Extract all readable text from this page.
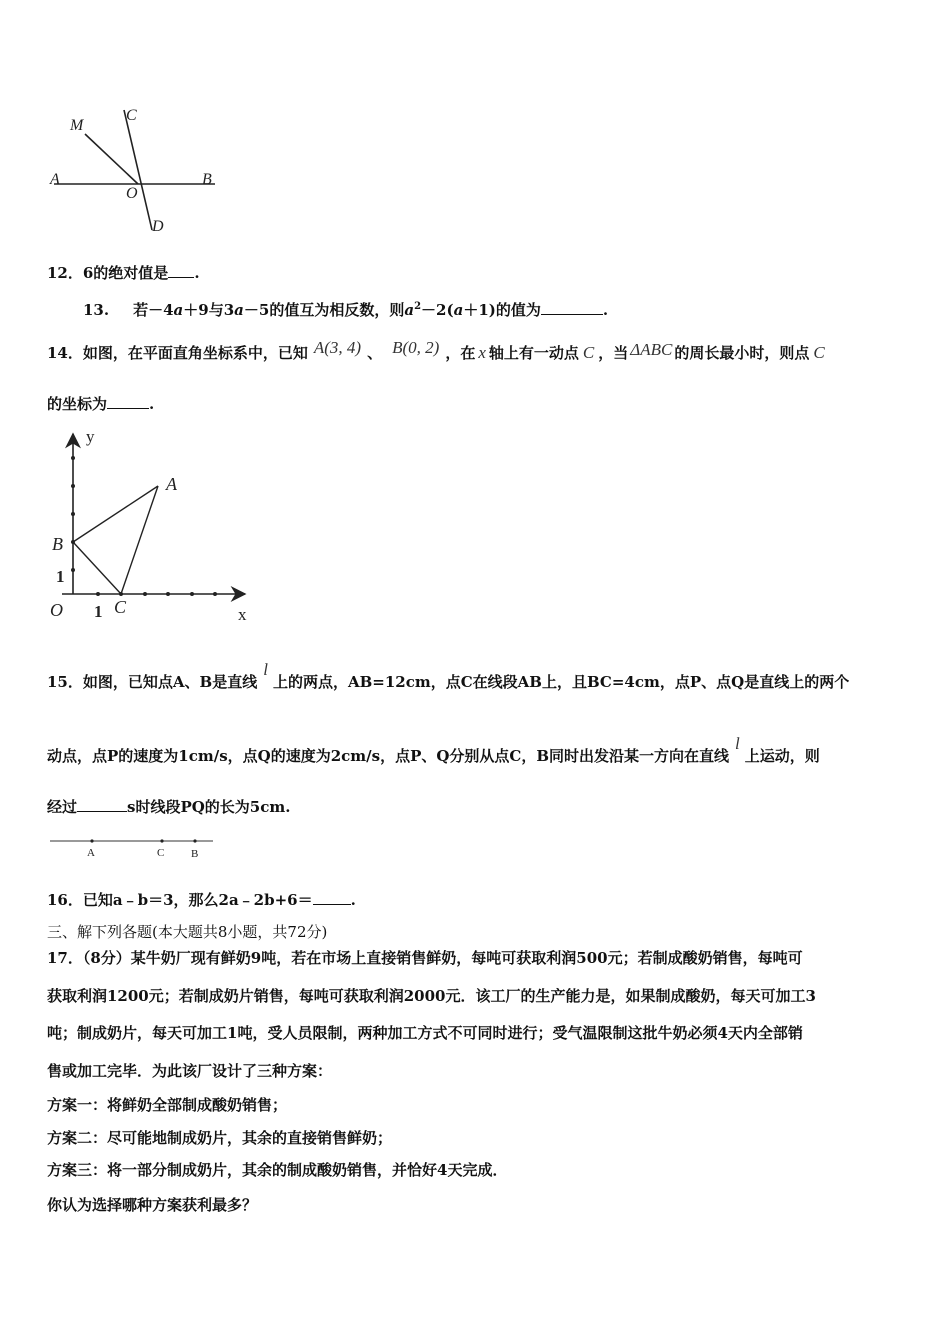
M
C
A
O
B
D
12．6的绝对值是 .
13. 若－4a＋9与3a－5的值互为相反数，则$a^2-2(a+1)$的值为	.
14．如图，在平面直角坐标系中，已知 A(3, 4) 、 B(0, 2) ，在 x 轴上有一动点 C ，当 ΔABC 的周长最小时，则点 C
的坐标为	.
y
A
B
1
O 1 C	x
15．如图，已知点A、B是直线l上的两点，AB=12cm，点C在线段AB上，且BC=4cm，点P、点Q是直线上的两个
动点，点P的速度为1cm/s，点Q的速度为2cm/s，点P、Q分别从点C，B同时出发沿某一方向在直线l上运动，则
经过	s时线段PQ的长为5cm.
A	C B
16．已知a﹣b＝3，那么2a﹣2b+6＝	.
三、解下列各题(本大题共8小题，共72分)
17．（8分）某牛奶厂现有鲜奶9吨，若在市场上直接销售鲜奶，每吨可获取利润500元；若制成酸奶销售，每吨可
获取利润1200元；若制成奶片销售，每吨可获取利润2000元．该工厂的生产能力是，如果制成酸奶，每天可加工3
吨；制成奶片，每天可加工1吨，受人员限制，两种加工方式不可同时进行；受气温限制这批牛奶必须4天内全部销
售或加工完毕．为此该厂设计了三种方案：
方案一：将鲜奶全部制成酸奶销售；
方案二：尽可能地制成奶片，其余的直接销售鲜奶；
方案三：将一部分制成奶片，其余的制成酸奶销售，并恰好4天完成．
你认为选择哪种方案获利最多？
